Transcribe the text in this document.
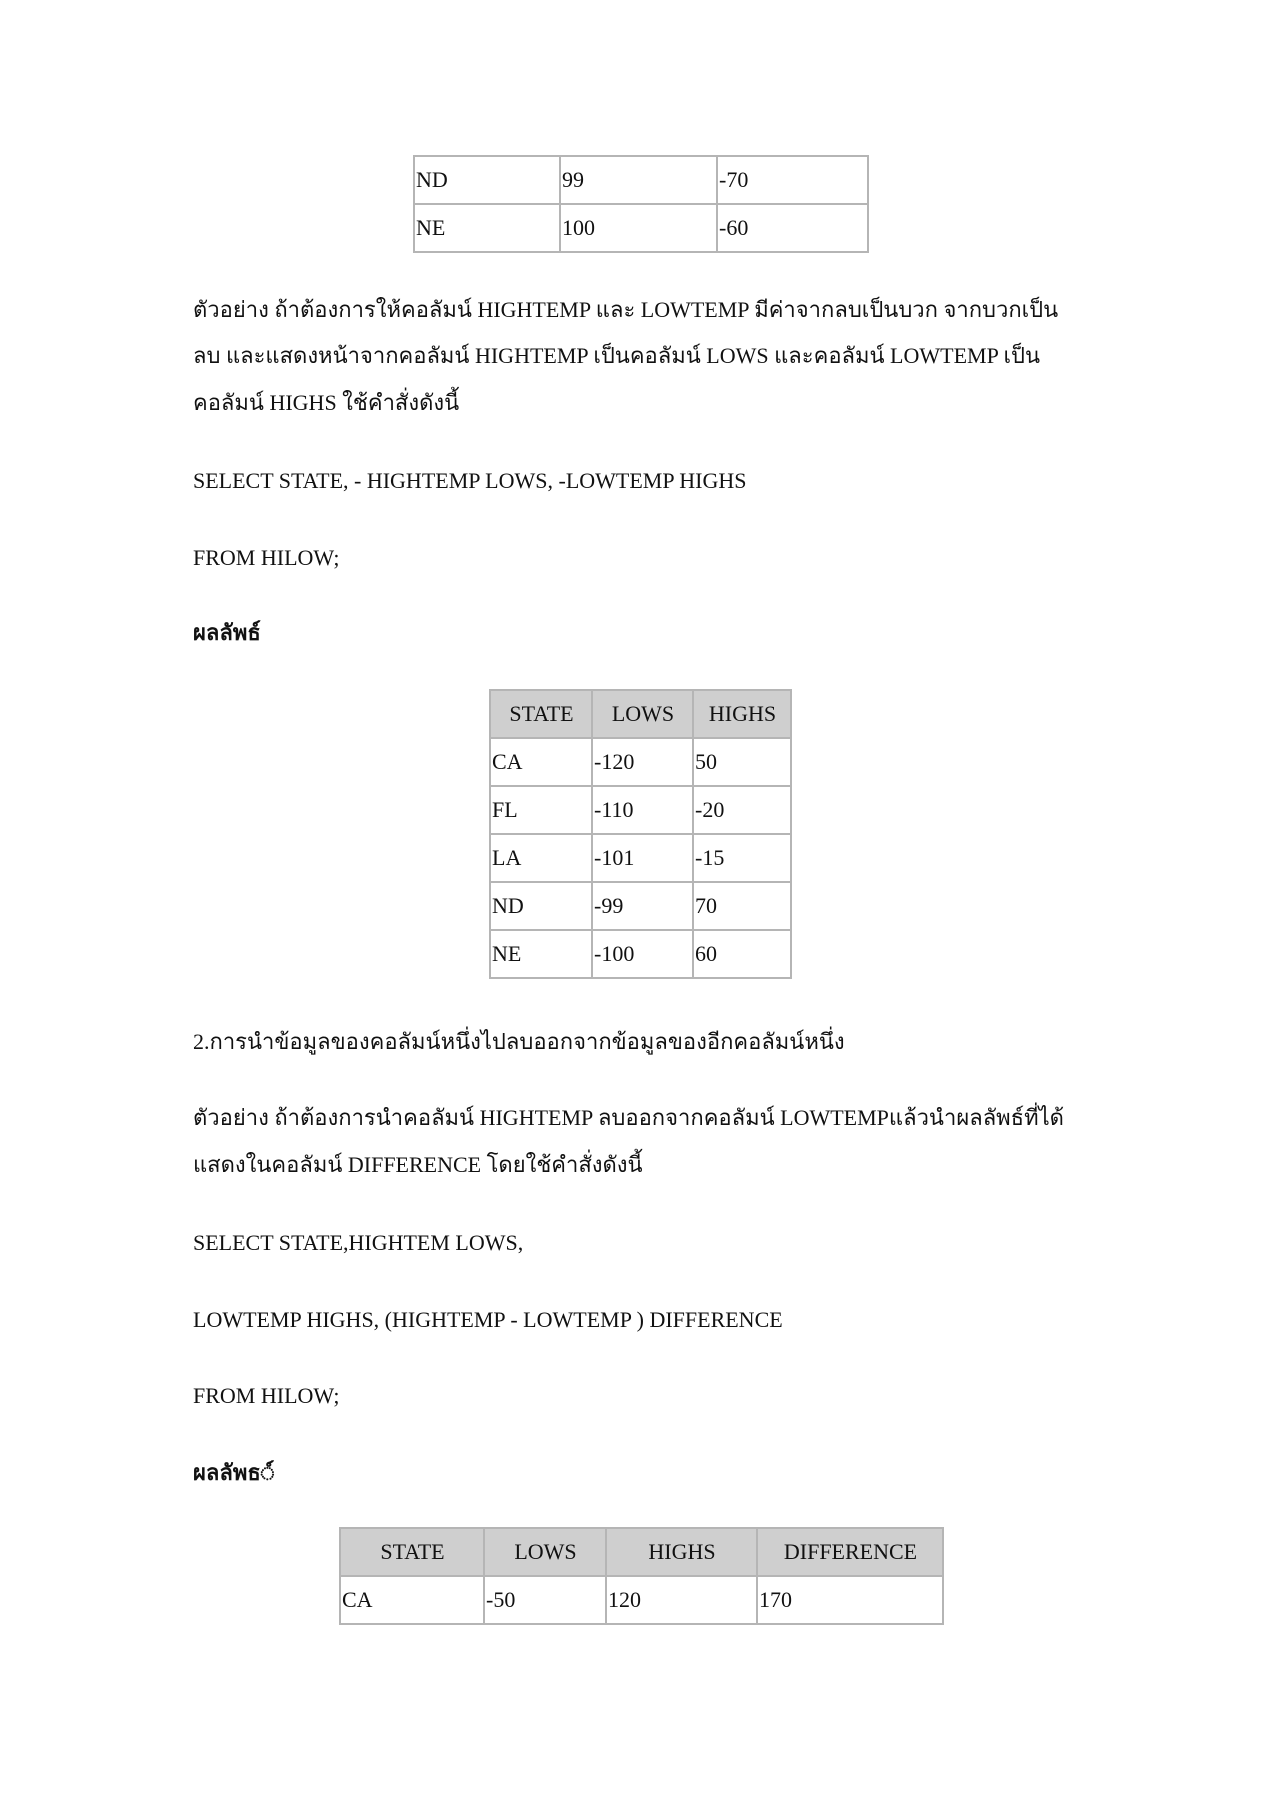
ND	99	-70

NE	100	-60
ตัวอย่าง ถ้าต้องการให้คอลัมน์ HIGHTEMP และ LOWTEMP มีค่าจากลบเป็นบวก จากบวกเป็น
ลบ และแสดงหน้าจากคอลัมน์ HIGHTEMP เป็นคอลัมน์ LOWS และคอลัมน์ LOWTEMP เป็น
คอลัมน์ HIGHS ใช้คำสั่งดังนี้
SELECT STATE, - HIGHTEMP LOWS, -LOWTEMP HIGHS
FROM HILOW;
ผลลัพธ์
STATE	LOWS	HIGHS

CA	-120	50

FL	-110	-20

LA	-101	-15

ND	-99	70

NE	-100	60
2.การนำข้อมูลของคอลัมน์หนึ่งไปลบออกจากข้อมูลของอีกคอลัมน์หนึ่ง
ตัวอย่าง ถ้าต้องการนำคอลัมน์ HIGHTEMP ลบออกจากคอลัมน์ LOWTEMPแล้วนำผลลัพธ์ที่ได้
แสดงในคอลัมน์ DIFFERENCE โดยใช้คำสั่งดังนี้
SELECT STATE,HIGHTEM LOWS,
LOWTEMP HIGHS, (HIGHTEMP - LOWTEMP ) DIFFERENCE
FROM HILOW;
ผลลัพธ◌์
STATE	LOWS	HIGHS	DIFFERENCE

CA	-50	120	170
